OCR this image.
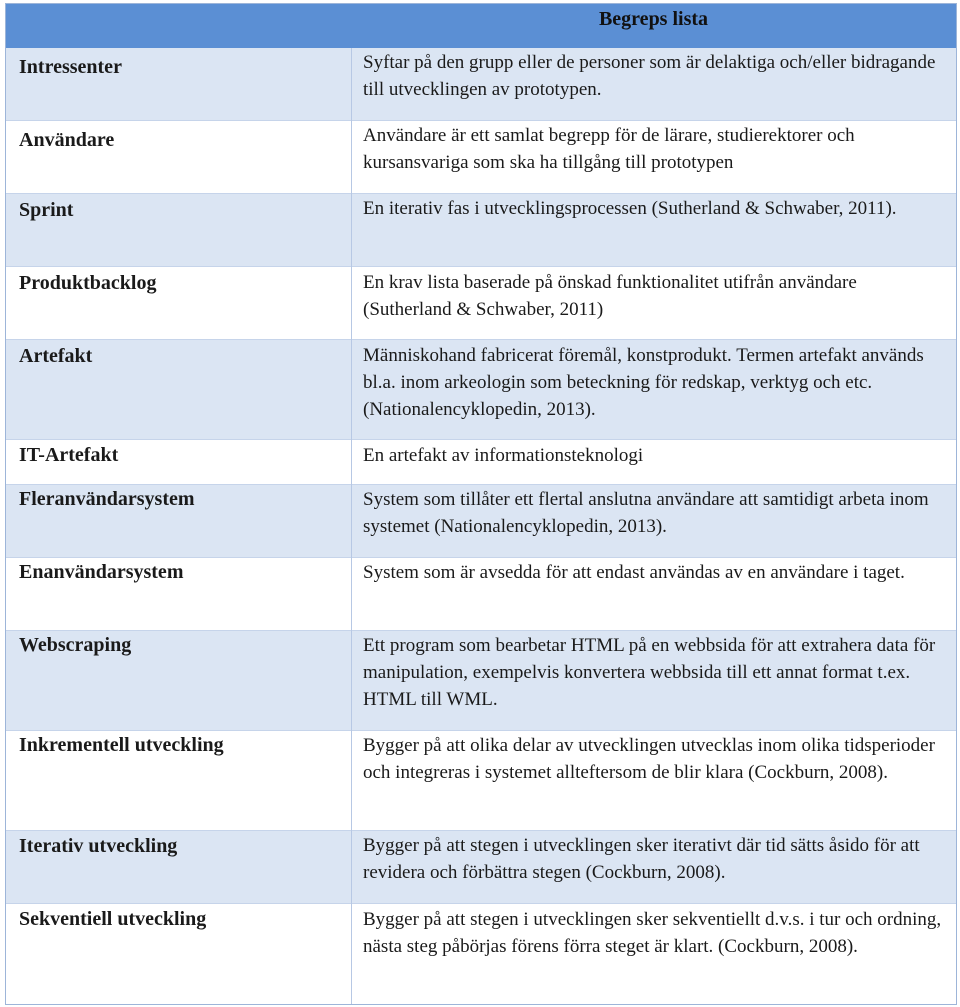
Begreps lista
Intressenter	Syftar på den grupp eller de personer som är delaktiga och/eller bidragande till utvecklingen av prototypen.
Användare	Användare är ett samlat begrepp för de lärare, studierektorer och kursansvariga som ska ha tillgång till prototypen
Sprint	En iterativ fas i utvecklingsprocessen (Sutherland & Schwaber, 2011).
Produktbacklog	En krav lista baserade på önskad funktionalitet utifrån användare (Sutherland & Schwaber, 2011)
Artefakt	Människohand fabricerat föremål, konstprodukt. Termen artefakt används bl.a. inom arkeologin som beteckning för redskap, verktyg och etc. (Nationalencyklopedin, 2013).
IT-Artefakt	En artefakt av informationsteknologi
Fleranvändarsystem	System som tillåter ett flertal anslutna användare att samtidigt arbeta inom systemet (Nationalencyklopedin, 2013).
Enanvändarsystem	System som är avsedda för att endast användas av en användare i taget.
Webscraping	Ett program som bearbetar HTML på en webbsida för att extrahera data för manipulation, exempelvis konvertera webbsida till ett annat format t.ex. HTML till WML.
Inkrementell utveckling	Bygger på att olika delar av utvecklingen utvecklas inom olika tidsperioder och integreras i systemet allteftersom de blir klara (Cockburn, 2008).
Iterativ utveckling	Bygger på att stegen i utvecklingen sker iterativt där tid sätts åsido för att revidera och förbättra stegen (Cockburn, 2008).
Sekventiell utveckling	Bygger på att stegen i utvecklingen sker sekventiellt d.v.s. i tur och ordning, nästa steg påbörjas förens förra steget är klart. (Cockburn, 2008).
